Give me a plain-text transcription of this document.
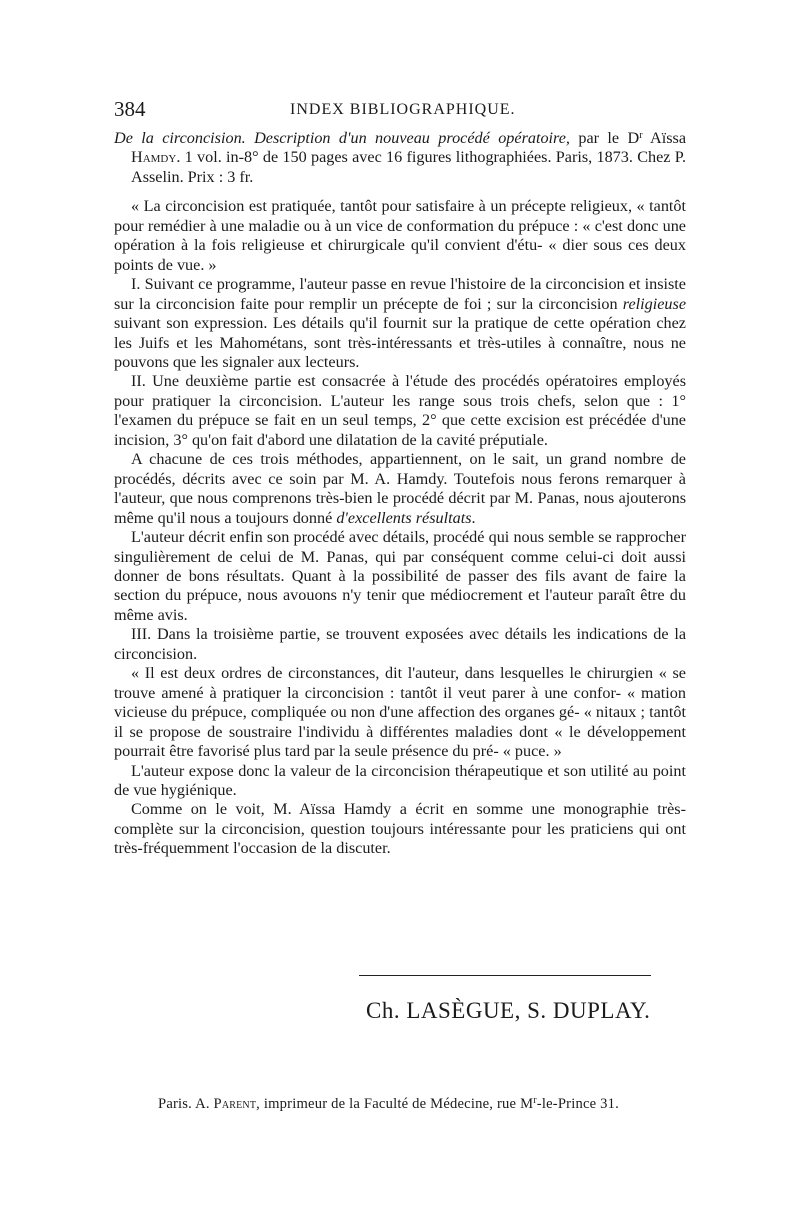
384	INDEX BIBLIOGRAPHIQUE.

De la circoncision. Description d'un nouveau procédé opératoire, par le $D^r$ Aïssa Hamdy. 1 vol. in-8° de 150 pages avec 16 figures lithographiées. Paris, 1873. Chez P. Asselin. Prix : 3 fr.

« La circoncision est pratiquée, tantôt pour satisfaire à un précepte religieux, « tantôt pour remédier à une maladie ou à un vice de conformation du prépuce : « c'est donc une opération à la fois religieuse et chirurgicale qu'il convient d'étu- « dier sous ces deux points de vue. »

I. Suivant ce programme, l'auteur passe en revue l'histoire de la circoncision et insiste sur la circoncision faite pour remplir un précepte de foi ; sur la circoncision religieuse suivant son expression. Les détails qu'il fournit sur la pratique de cette opération chez les Juifs et les Mahométans, sont très-intéressants et très-utiles à connaître, nous ne pouvons que les signaler aux lecteurs.

II. Une deuxième partie est consacrée à l'étude des procédés opératoires employés pour pratiquer la circoncision. L'auteur les range sous trois chefs, selon que : 1° l'examen du prépuce se fait en un seul temps, 2° que cette excision est précédée d'une incision, 3° qu'on fait d'abord une dilatation de la cavité préputiale.

A chacune de ces trois méthodes, appartiennent, on le sait, un grand nombre de procédés, décrits avec ce soin par M. A. Hamdy. Toutefois nous ferons remarquer à l'auteur, que nous comprenons très-bien le procédé décrit par M. Panas, nous ajouterons même qu'il nous a toujours donné d'excellents résultats.

L'auteur décrit enfin son procédé avec détails, procédé qui nous semble se rapprocher singulièrement de celui de M. Panas, qui par conséquent comme celui-ci doit aussi donner de bons résultats. Quant à la possibilité de passer des fils avant de faire la section du prépuce, nous avouons n'y tenir que médiocrement et l'auteur paraît être du même avis.

III. Dans la troisième partie, se trouvent exposées avec détails les indications de la circoncision.

« Il est deux ordres de circonstances, dit l'auteur, dans lesquelles le chirurgien « se trouve amené à pratiquer la circoncision : tantôt il veut parer à une confor- « mation vicieuse du prépuce, compliquée ou non d'une affection des organes gé- « nitaux ; tantôt il se propose de soustraire l'individu à différentes maladies dont « le développement pourrait être favorisé plus tard par la seule présence du pré- « puce. »

L'auteur expose donc la valeur de la circoncision thérapeutique et son utilité au point de vue hygiénique.

Comme on le voit, M. Aïssa Hamdy a écrit en somme une monographie très-complète sur la circoncision, question toujours intéressante pour les praticiens qui ont très-fréquemment l'occasion de la discuter.

Ch. LASÈGUE, S. DUPLAY.
Paris. A. Parent, imprimeur de la Faculté de Médecine, rue $M^r-le$-Prince 31.
